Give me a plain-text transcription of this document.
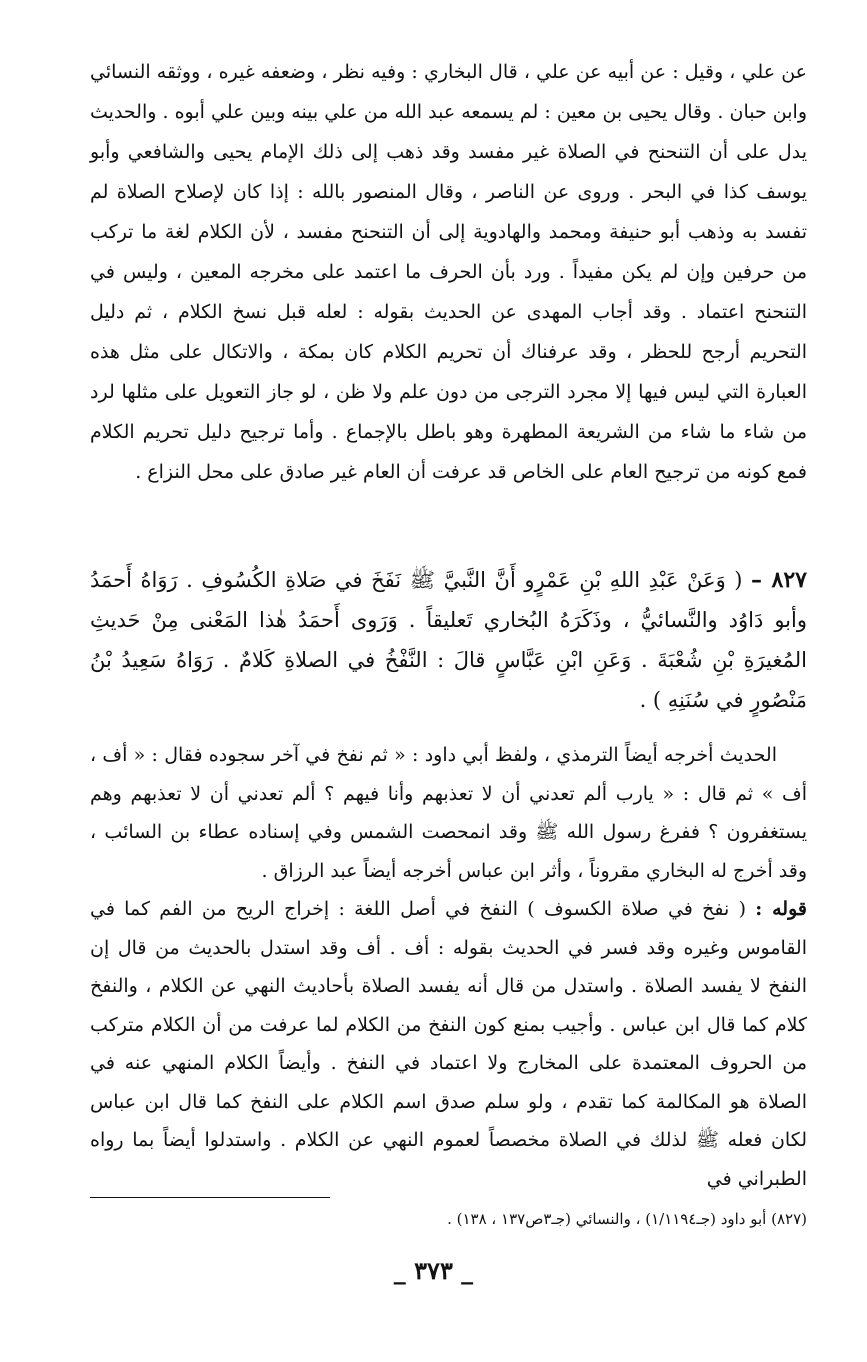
عن علي ، وقيل : عن أبيه عن علي ، قال البخاري : وفيه نظر ، وضعفه غيره ، ووثقه النسائي وابن حبان . وقال يحيى بن معين : لم يسمعه عبد الله من علي بينه وبين علي أبوه . والحديث يدل على أن التنحنح في الصلاة غير مفسد وقد ذهب إلى ذلك الإمام يحيى والشافعي وأبو يوسف كذا في البحر . وروى عن الناصر ، وقال المنصور بالله : إذا كان لإصلاح الصلاة لم تفسد به وذهب أبو حنيفة ومحمد والهادوية إلى أن التنحنح مفسد ، لأن الكلام لغة ما تركب من حرفين وإن لم يكن مفيداً . ورد بأن الحرف ما اعتمد على مخرجه المعين ، وليس في التنحنح اعتماد . وقد أجاب المهدى عن الحديث بقوله : لعله قبل نسخ الكلام ، ثم دليل التحريم أرجح للحظر ، وقد عرفناك أن تحريم الكلام كان بمكة ، والاتكال على مثل هذه العبارة التي ليس فيها إلا مجرد الترجى من دون علم ولا ظن ، لو جاز التعويل على مثلها لرد من شاء ما شاء من الشريعة المطهرة وهو باطل بالإجماع . وأما ترجيح دليل تحريم الكلام فمع كونه من ترجيح العام على الخاص قد عرفت أن العام غير صادق على محل النزاع .

٨٢٧ – ( وَعَنْ عَبْدِ اللهِ بْنِ عَمْرٍو أَنَّ النَّبيَّ ﷺ نَفَخَ في صَلاةِ الكُسُوفِ . رَوَاهُ أَحمَدُ وأبو دَاوُد والنَّسائيُّ ، وذَكَرَهُ البُخاري تَعليقاً . وَرَوى أَحمَدُ هٰذا المَعْنى مِنْ حَديثِ المُغيرَةِ بْنِ شُعْبَةَ . وَعَنِ ابْنِ عَبَّاسٍ قالَ : النَّفْخُ في الصلاةِ كَلامٌ . رَوَاهُ سَعِيدُ بْنُ مَنْصُورٍ في سُنَنِهِ ) .

الحديث أخرجه أيضاً الترمذي ، ولفظ أبي داود : « ثم نفخ في آخر سجوده فقال : « أف ، أف » ثم قال : « يارب ألم تعدني أن لا تعذبهم وأنا فيهم ؟ ألم تعدني أن لا تعذبهم وهم يستغفرون ؟ ففرغ رسول الله ﷺ وقد انمحصت الشمس وفي إسناده عطاء بن السائب ، وقد أخرج له البخاري مقروناً ، وأثر ابن عباس أخرجه أيضاً عبد الرزاق .

قوله : ( نفخ في صلاة الكسوف ) النفخ في أصل اللغة : إخراج الريح من الفم كما في القاموس وغيره وقد فسر في الحديث بقوله : أف . أف وقد استدل بالحديث من قال إن النفخ لا يفسد الصلاة . واستدل من قال أنه يفسد الصلاة بأحاديث النهي عن الكلام ، والنفخ كلام كما قال ابن عباس . وأجيب بمنع كون النفخ من الكلام لما عرفت من أن الكلام متركب من الحروف المعتمدة على المخارج ولا اعتماد في النفخ . وأيضاً الكلام المنهي عنه في الصلاة هو المكالمة كما تقدم ، ولو سلم صدق اسم الكلام على النفخ كما قال ابن عباس لكان فعله ﷺ لذلك في الصلاة مخصصاً لعموم النهي عن الكلام . واستدلوا أيضاً بما رواه الطبراني في

(٨٢٧) أبو داود (جـ١/١١٩٤) ، والنسائي (جـ٣ص١٣٧ ، ١٣٨) .
_ ٣٧٣ _
